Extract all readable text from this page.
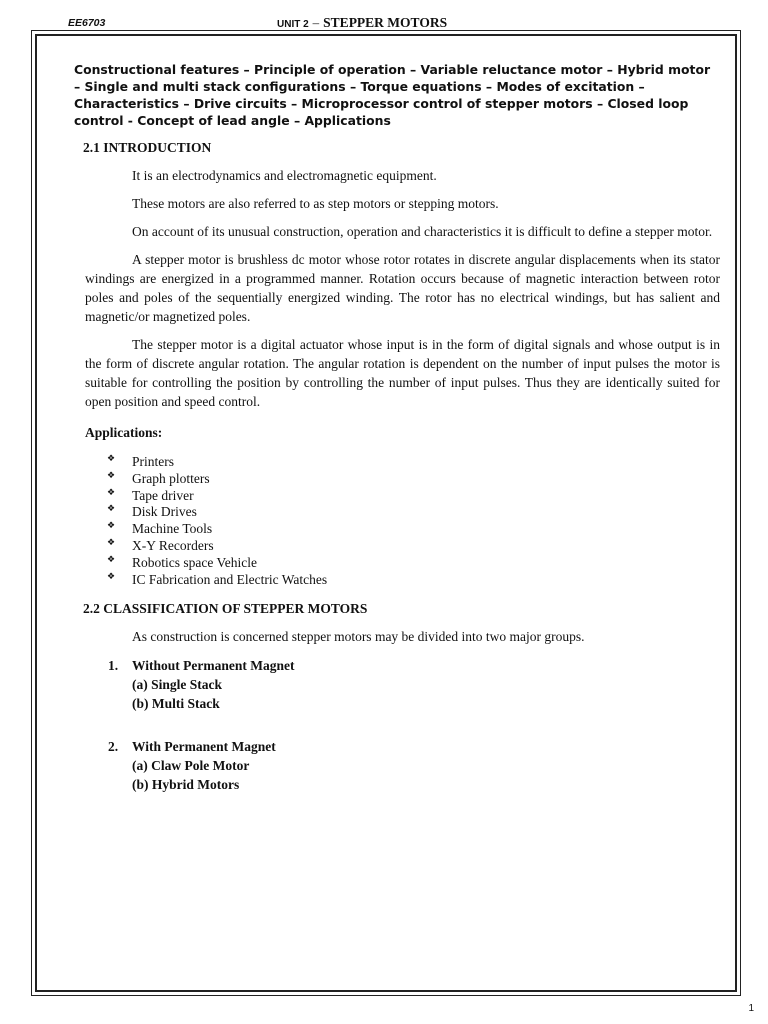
EE6703	UNIT 2 – STEPPER MOTORS
Constructional features – Principle of operation – Variable reluctance motor – Hybrid motor – Single and multi stack configurations – Torque equations – Modes of excitation – Characteristics – Drive circuits – Microprocessor control of stepper motors – Closed loop control - Concept of lead angle – Applications
2.1 INTRODUCTION

It is an electrodynamics and electromagnetic equipment.

These motors are also referred to as step motors or stepping motors.

On account of its unusual construction, operation and characteristics it is difficult to define a stepper motor.

A stepper motor is brushless dc motor whose rotor rotates in discrete angular displacements when its stator windings are energized in a programmed manner. Rotation occurs because of magnetic interaction between rotor poles and poles of the sequentially energized winding. The rotor has no electrical windings, but has salient and magnetic/or magnetized poles.

The stepper motor is a digital actuator whose input is in the form of digital signals and whose output is in the form of discrete angular rotation. The angular rotation is dependent on the number of input pulses the motor is suitable for controlling the position by controlling the number of input pulses. Thus they are identically suited for open position and speed control.

Applications:
❖ Printers
❖ Graph plotters
❖ Tape driver
❖ Disk Drives
❖ Machine Tools
❖ X-Y Recorders
❖ Robotics space Vehicle
❖ IC Fabrication and Electric Watches
2.2 CLASSIFICATION OF STEPPER MOTORS

As construction is concerned stepper motors may be divided into two major groups.

1. Without Permanent Magnet
(a) Single Stack
(b) Multi Stack
2. With Permanent Magnet
(a) Claw Pole Motor
(b) Hybrid Motors
1
